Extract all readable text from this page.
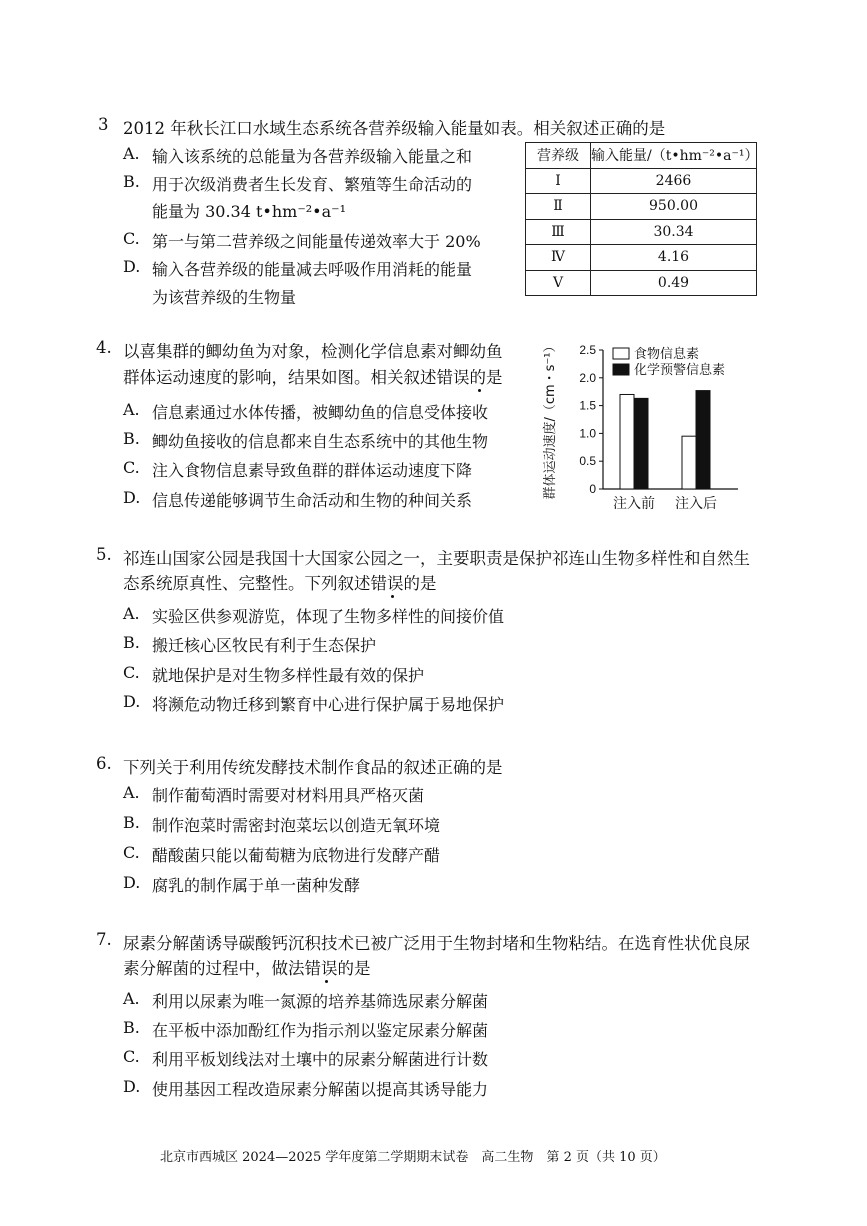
3 2012 年秋长江口水域生态系统各营养级输入能量如表。相关叙述正确的是
A. 输入该系统的总能量为各营养级输入能量之和
B. 用于次级消费者生长发育、繁殖等生命活动的
能量为 30.34 t•hm⁻²•a⁻¹
C. 第一与第二营养级之间能量传递效率大于 20%
D. 输入各营养级的能量减去呼吸作用消耗的能量
为该营养级的生物量
营养级	输入能量/（t•hm⁻²•a⁻¹）
Ⅰ	2466
Ⅱ	950.00
Ⅲ	30.34
Ⅳ	4.16
Ⅴ	0.49
4. 以喜集群的鲫幼鱼为对象，检测化学信息素对鲫幼鱼
群体运动速度的影响，结果如图。相关叙述错误的是
A. 信息素通过水体传播，被鲫幼鱼的信息受体接收
B. 鲫幼鱼接收的信息都来自生态系统中的其他生物
C. 注入食物信息素导致鱼群的群体运动速度下降
D. 信息传递能够调节生命活动和生物的种间关系
0
0.5
1.0
1.5
2.0
2.5
群体运动速度/（cm・s⁻¹）
注入前 注入后
食物信息素
化学预警信息素
5. 祁连山国家公园是我国十大国家公园之一，主要职责是保护祁连山生物多样性和自然生
态系统原真性、完整性。下列叙述错误的是
A. 实验区供参观游览，体现了生物多样性的间接价值
B. 搬迁核心区牧民有利于生态保护
C. 就地保护是对生物多样性最有效的保护
D. 将濒危动物迁移到繁育中心进行保护属于易地保护
6. 下列关于利用传统发酵技术制作食品的叙述正确的是
A. 制作葡萄酒时需要对材料用具严格灭菌
B. 制作泡菜时需密封泡菜坛以创造无氧环境
C. 醋酸菌只能以葡萄糖为底物进行发酵产醋
D. 腐乳的制作属于单一菌种发酵
7. 尿素分解菌诱导碳酸钙沉积技术已被广泛用于生物封堵和生物粘结。在选育性状优良尿
素分解菌的过程中，做法错误的是
A. 利用以尿素为唯一氮源的培养基筛选尿素分解菌
B. 在平板中添加酚红作为指示剂以鉴定尿素分解菌
C. 利用平板划线法对土壤中的尿素分解菌进行计数
D. 使用基因工程改造尿素分解菌以提高其诱导能力
北京市西城区 2024—2025 学年度第二学期期末试卷　高二生物　第 2 页（共 10 页）
